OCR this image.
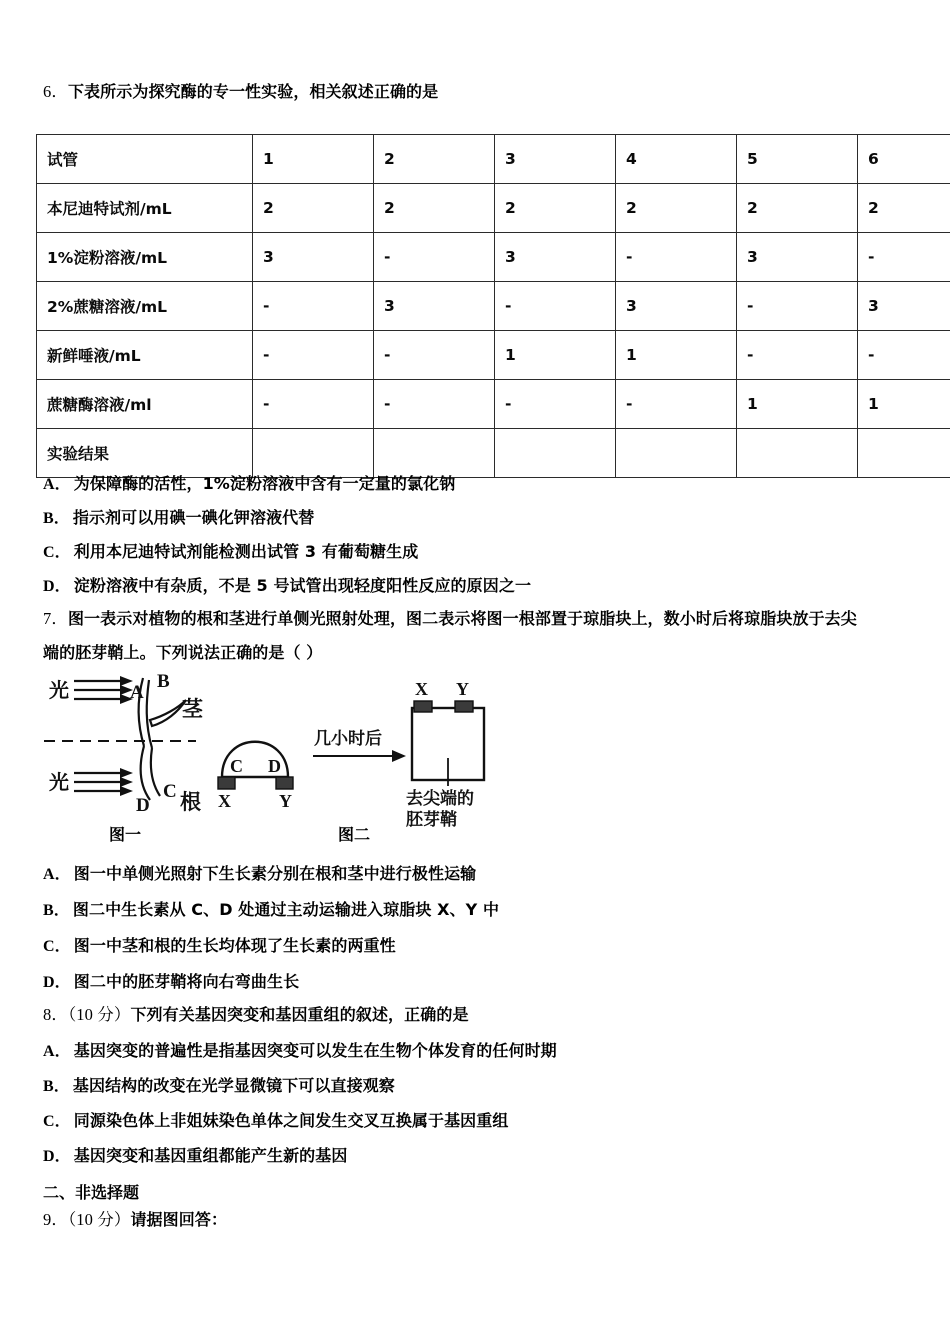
6．下表所示为探究酶的专一性实验，相关叙述正确的是
试管	1	2	3	4	5	6
本尼迪特试剂/mL	2	2	2	2	2	2
1%淀粉溶液/mL	3	-	3	-	3	-
2%蔗糖溶液/mL	-	3	-	3	-	3
新鲜唾液/mL	-	-	1	1	-	-
蔗糖酶溶液/ml	-	-	-	-	1	1
实验结果						
A． 为保障酶的活性，1%淀粉溶液中含有一定量的氯化钠
B． 指示剂可以用碘一碘化钾溶液代替
C． 利用本尼迪特试剂能检测出试管 3 有葡萄糖生成
D． 淀粉溶液中有杂质，不是 5 号试管出现轻度阳性反应的原因之一
7．图一表示对植物的根和茎进行单侧光照射处理，图二表示将图一根部置于琼脂块上，数小时后将琼脂块放于去尖
端的胚芽鞘上。下列说法正确的是（ ）
光
光
A
B
C
D
茎
根
C D
X	Y
几小时后
X Y
去尖端的
胚芽鞘
图一	图二
A． 图一中单侧光照射下生长素分别在根和茎中进行极性运输
B． 图二中生长素从 C、D 处通过主动运输进入琼脂块 X、Y 中
C． 图一中茎和根的生长均体现了生长素的两重性
D． 图二中的胚芽鞘将向右弯曲生长
8．（10 分）下列有关基因突变和基因重组的叙述，正确的是
A． 基因突变的普遍性是指基因突变可以发生在生物个体发育的任何时期
B． 基因结构的改变在光学显微镜下可以直接观察
C． 同源染色体上非姐妹染色单体之间发生交叉互换属于基因重组
D． 基因突变和基因重组都能产生新的基因
二、非选择题
9．（10 分）请据图回答：
